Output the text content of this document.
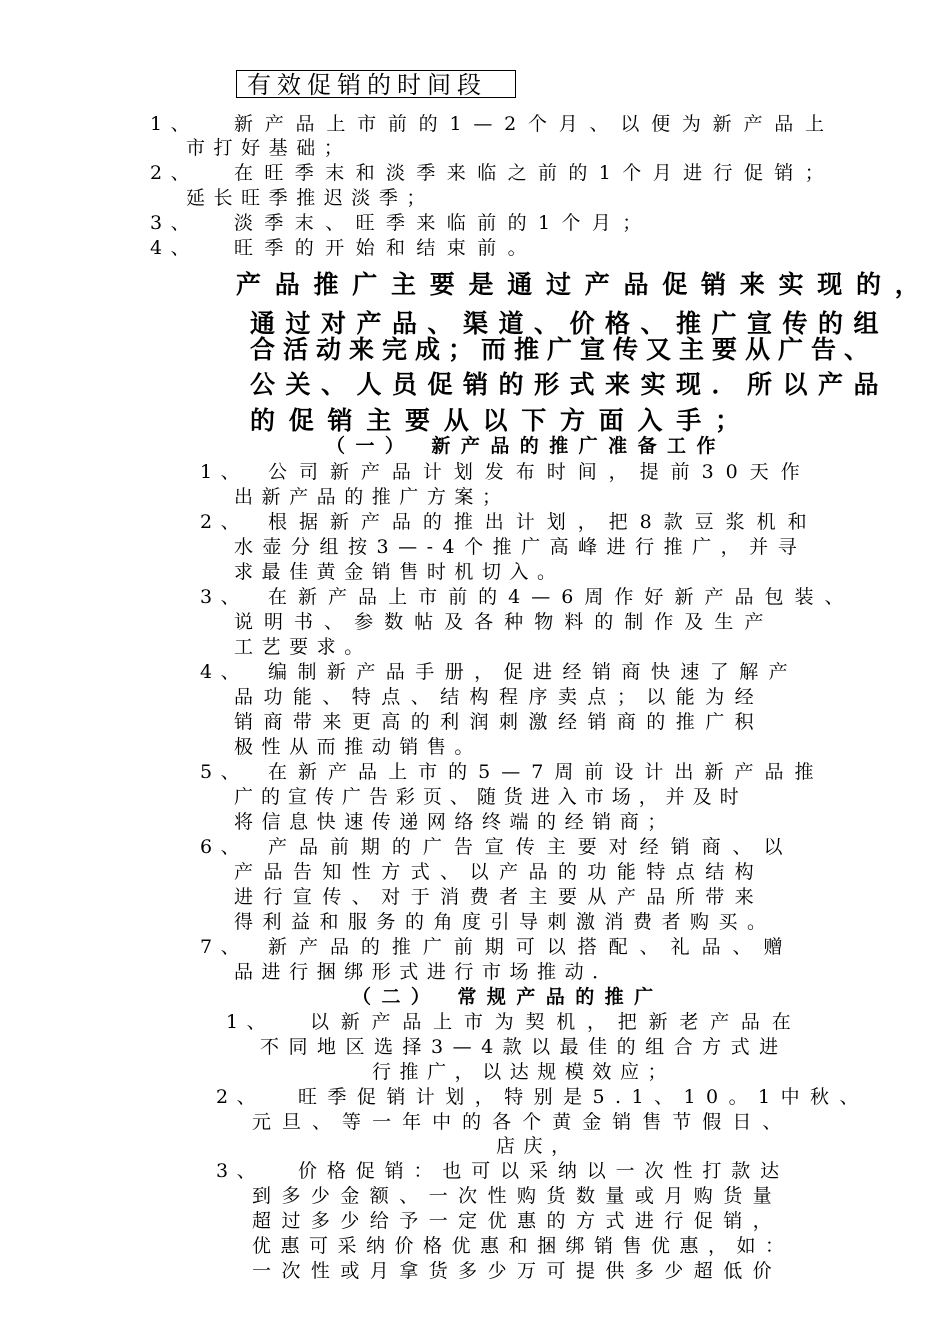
有效促销的时间段
1、 新产品上市前的1—2个月、以便为新产品上
市打好基础；
2、 在旺季末和淡季来临之前的1个月进行促销；
延长旺季推迟淡季；
3、 淡季末、旺季来临前的1个月；
4、 旺季的开始和结束前。
产品推广主要是通过产品促销来实现的，
通过对产品、渠道、价格、推广宣传的组
合活动来完成；而推广宣传又主要从广告、
公关、人员促销的形式来实现．所以产品
的促销主要从以下方面入手；
（一） 新产品的推广准备工作
1、 公司新产品计划发布时间，提前30天作
出新产品的推广方案；
2、 根据新产品的推出计划，把8款豆浆机和
水壶分组按3—-4个推广高峰进行推广，并寻
求最佳黄金销售时机切入。
3、 在新产品上市前的4—6周作好新产品包装、
说明书、参数帖及各种物料的制作及生产
工艺要求。
4、 编制新产品手册，促进经销商快速了解产
品功能、特点、结构程序卖点；以能为经
销商带来更高的利润刺激经销商的推广积
极性从而推动销售。
5、 在新产品上市的5—7周前设计出新产品推
广的宣传广告彩页、随货进入市场，并及时
将信息快速传递网络终端的经销商；
6、 产品前期的广告宣传主要对经销商、以
产品告知性方式、以产品的功能特点结构
进行宣传、对于消费者主要从产品所带来
得利益和服务的角度引导刺激消费者购买。
7、 新产品的推广前期可以搭配、礼品、赠
品进行捆绑形式进行市场推动．
（二） 常规产品的推广
1、 以新产品上市为契机，把新老产品在
不同地区选择3—4款以最佳的组合方式进
行推广，以达规模效应；
2、 旺季促销计划，特别是5.1、10。1中秋、
元旦、等一年中的各个黄金销售节假日、
店庆，
3、 价格促销：也可以采纳以一次性打款达
到多少金额、一次性购货数量或月购货量
超过多少给予一定优惠的方式进行促销，
优惠可采纳价格优惠和捆绑销售优惠，如：
一次性或月拿货多少万可提供多少超低价
